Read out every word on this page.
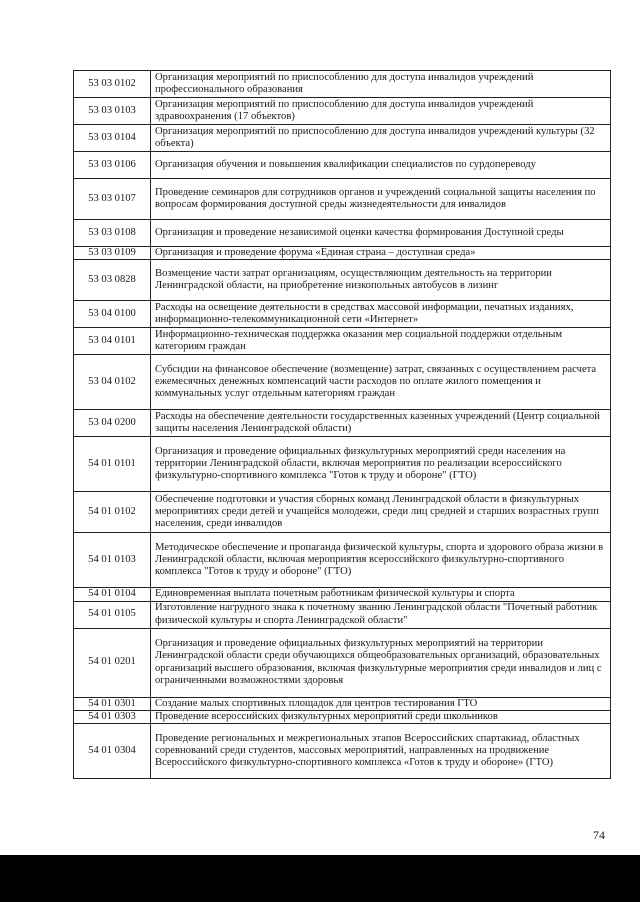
53 03 0102	Организация мероприятий по приспособлению для доступа инвалидов учреждений профессионального образования
53 03 0103	Организация мероприятий по приспособлению для доступа инвалидов учреждений здравоохранения (17 объектов)
53 03 0104	Организация мероприятий по приспособлению для доступа инвалидов учреждений культуры (32 объекта)
53 03 0106	Организация обучения и повышения квалификации специалистов по сурдопереводу
53 03 0107	Проведение семинаров для сотрудников органов и учреждений социальной защиты населения по вопросам формирования доступной среды жизнедеятельности для инвалидов
53 03 0108	Организация и проведение независимой оценки качества формирования Доступной среды
53 03 0109	Организация и проведение форума «Единая страна – доступная среда»
53 03 0828	Возмещение части затрат организациям, осуществляющим деятельность на территории Ленинградской области, на приобретение низкопольных автобусов в лизинг
53 04 0100	Расходы на освещение деятельности в средствах массовой информации, печатных изданиях, информационно-телекоммуникационной сети «Интернет»
53 04 0101	Информационно-техническая поддержка оказания мер социальной поддержки отдельным категориям граждан
53 04 0102	Субсидии на финансовое обеспечение (возмещение) затрат, связанных с осуществлением расчета ежемесячных денежных компенсаций части расходов по оплате жилого помещения и коммунальных услуг отдельным категориям граждан
53 04 0200	Расходы на обеспечение деятельности государственных казенных учреждений (Центр социальной защиты населения Ленинградской области)
54 01 0101	Организация и проведение официальных физкультурных мероприятий среди населения на территории Ленинградской области, включая мероприятия по реализации всероссийского физкультурно-спортивного комплекса "Готов к труду и обороне" (ГТО)
54 01 0102	Обеспечение подготовки и участия сборных команд Ленинградской области в физкультурных мероприятиях среди детей и учащейся молодежи, среди лиц средней и старших возрастных групп населения, среди инвалидов
54 01 0103	Методическое обеспечение и пропаганда физической культуры, спорта и здорового образа жизни в Ленинградской области, включая мероприятия всероссийского физкультурно-спортивного комплекса "Готов к труду и обороне" (ГТО)
54 01 0104	Единовременная выплата почетным работникам физической культуры и спорта
54 01 0105	Изготовление нагрудного знака к почетному званию Ленинградской области "Почетный работник физической культуры и спорта Ленинградской области"
54 01 0201	Организация и проведение официальных физкультурных мероприятий на территории Ленинградской области среди обучающихся общеобразовательных организаций, образовательных организаций высшего образования, включая физкультурные мероприятия среди инвалидов и лиц с ограниченными возможностями здоровья
54 01 0301	Создание малых спортивных площадок для центров тестирования ГТО
54 01 0303	Проведение всероссийских физкультурных мероприятий среди школьников
54 01 0304	Проведение региональных и межрегиональных этапов Всероссийских спартакиад, областных соревнований среди студентов, массовых мероприятий, направленных на продвижение Всероссийского физкультурно-спортивного комплекса «Готов к труду и обороне» (ГТО)
74
